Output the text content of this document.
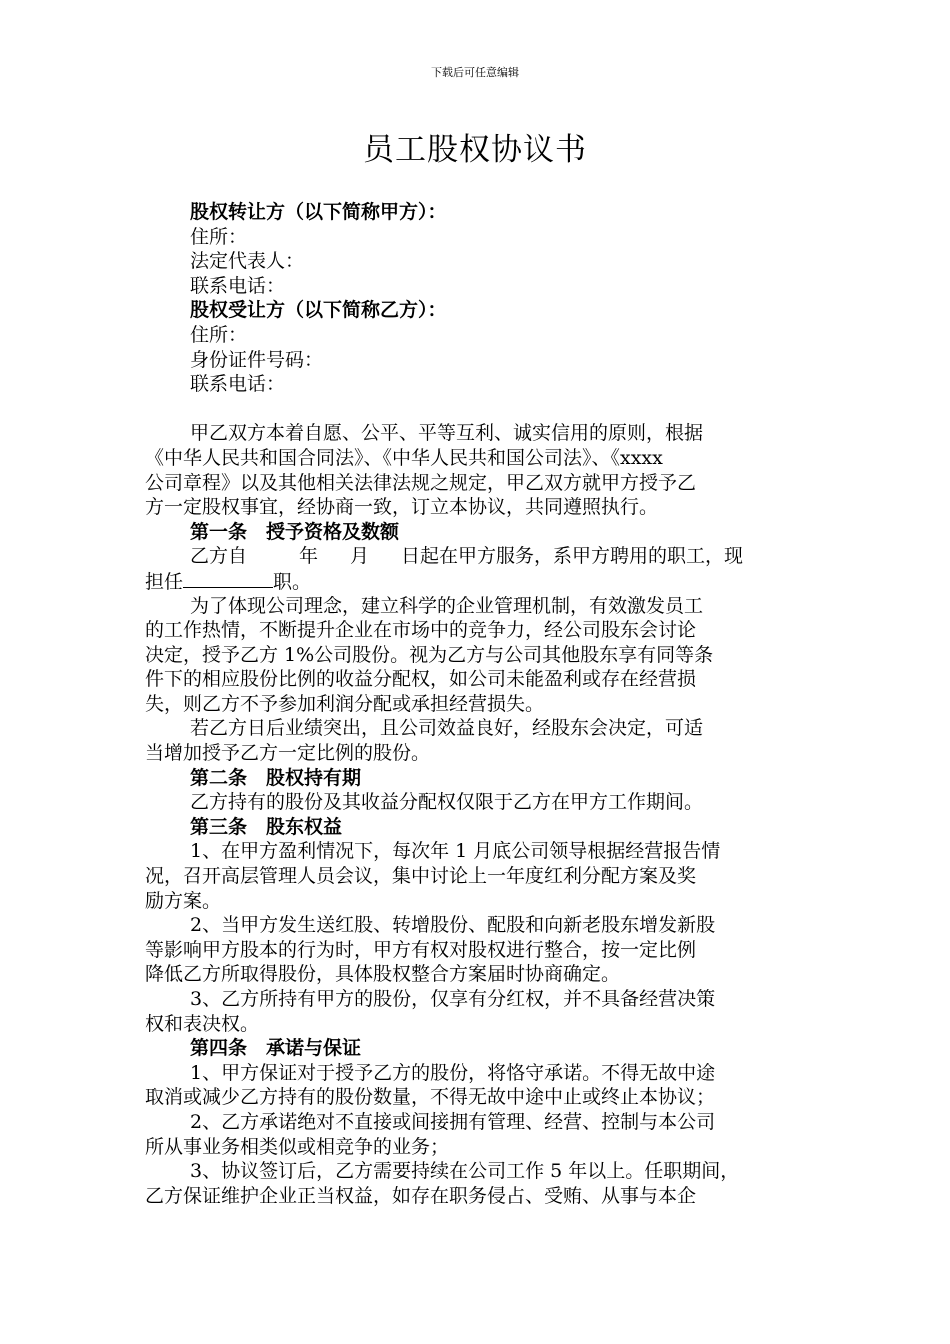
下载后可任意编辑
员工股权协议书
股权转让方（以下简称甲方）：
住所：
法定代表人：
联系电话：
股权受让方（以下简称乙方）：
住所：
身份证件号码：
联系电话：
甲乙双方本着自愿、公平、平等互利、诚实信用的原则，根据
《中华人民共和国合同法》、《中华人民共和国公司法》、《xxxx
公司章程》以及其他相关法律法规之规定，甲乙双方就甲方授予乙
方一定股权事宜，经协商一致，订立本协议，共同遵照执行。
第一条　授予资格及数额
乙方自	年 月 日起在甲方服务，系甲方聘用的职工，现
担任	职。
为了体现公司理念，建立科学的企业管理机制，有效激发员工
的工作热情，不断提升企业在市场中的竞争力，经公司股东会讨论
决定，授予乙方 1%公司股份。视为乙方与公司其他股东享有同等条
件下的相应股份比例的收益分配权，如公司未能盈利或存在经营损
失，则乙方不予参加利润分配或承担经营损失。
若乙方日后业绩突出，且公司效益良好，经股东会决定，可适
当增加授予乙方一定比例的股份。
第二条　股权持有期
乙方持有的股份及其收益分配权仅限于乙方在甲方工作期间。
第三条　股东权益
1、在甲方盈利情况下，每次年 1 月底公司领导根据经营报告情
况，召开高层管理人员会议，集中讨论上一年度红利分配方案及奖
励方案。
2、当甲方发生送红股、转增股份、配股和向新老股东增发新股
等影响甲方股本的行为时，甲方有权对股权进行整合，按一定比例
降低乙方所取得股份，具体股权整合方案届时协商确定。
3、乙方所持有甲方的股份，仅享有分红权，并不具备经营决策
权和表决权。
第四条　承诺与保证
1、甲方保证对于授予乙方的股份，将恪守承诺。不得无故中途
取消或减少乙方持有的股份数量，不得无故中途中止或终止本协议；
2、乙方承诺绝对不直接或间接拥有管理、经营、控制与本公司
所从事业务相类似或相竞争的业务；
3、协议签订后，乙方需要持续在公司工作 5 年以上。任职期间，
乙方保证维护企业正当权益，如存在职务侵占、受贿、从事与本企
